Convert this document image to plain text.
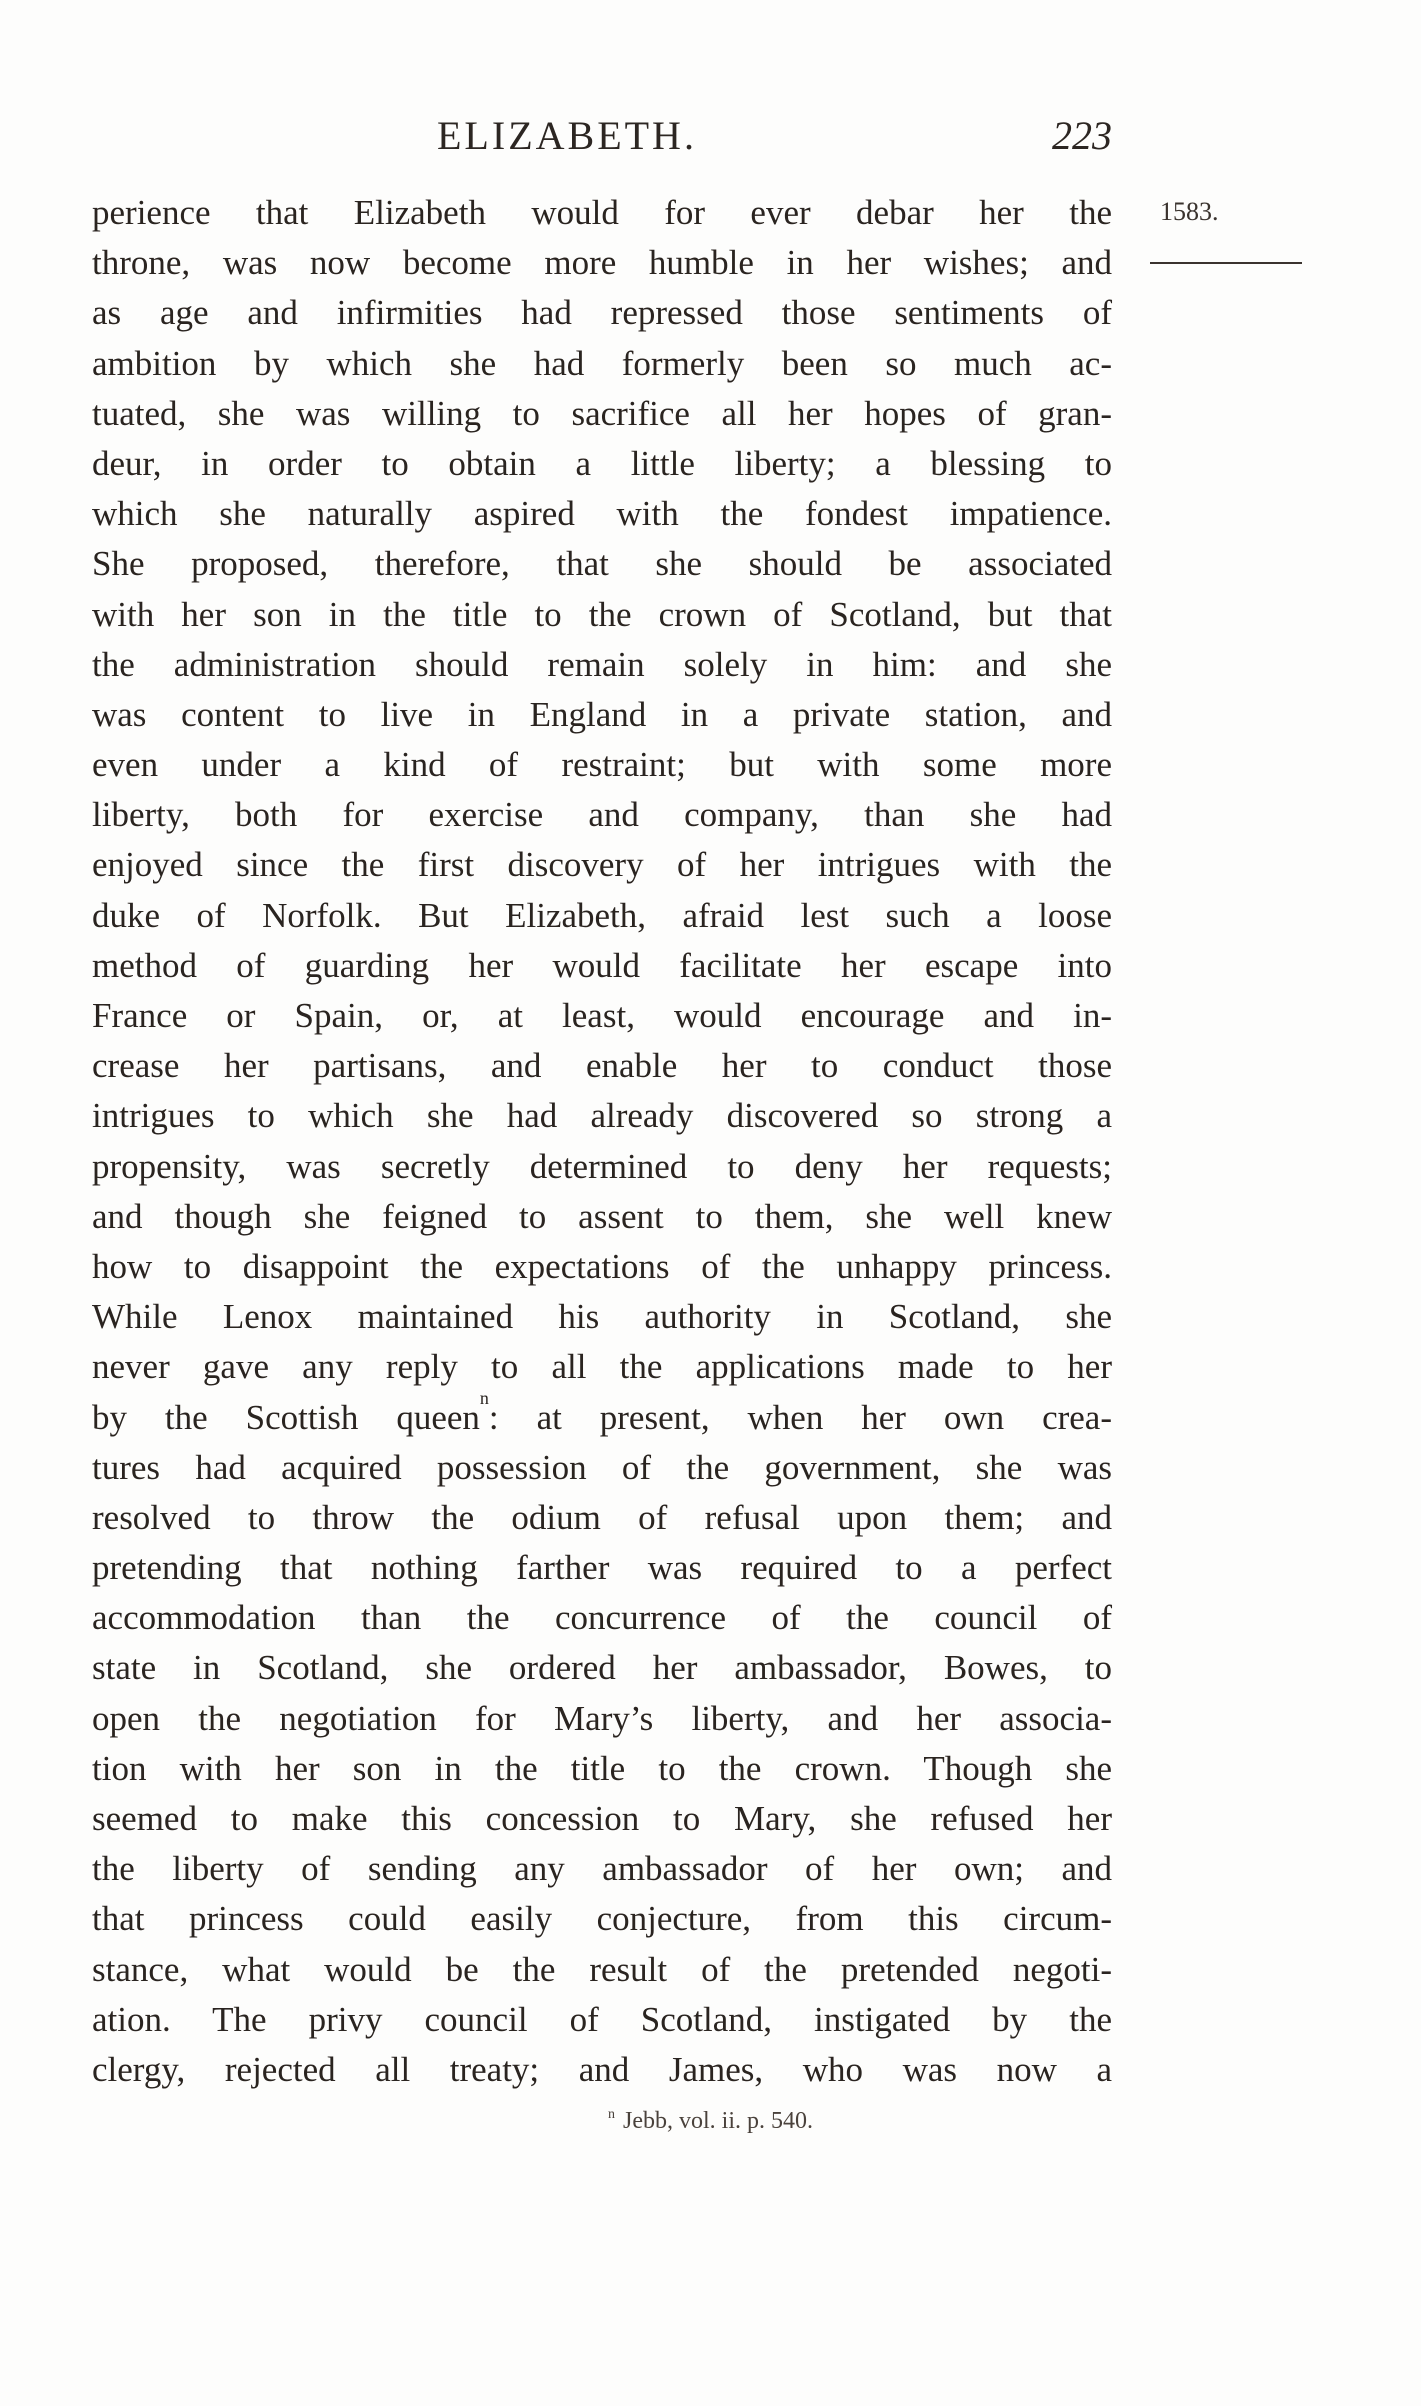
ELIZABETH.	223
1583.
perience that Elizabeth would for ever debar her the
throne, was now become more humble in her wishes; and
as age and infirmities had repressed those sentiments of
ambition by which she had formerly been so much ac-
tuated, she was willing to sacrifice all her hopes of gran-
deur, in order to obtain a little liberty; a blessing to
which she naturally aspired with the fondest impatience.
She proposed, therefore, that she should be associated
with her son in the title to the crown of Scotland, but that
the administration should remain solely in him: and she
was content to live in England in a private station, and
even under a kind of restraint; but with some more
liberty, both for exercise and company, than she had
enjoyed since the first discovery of her intrigues with the
duke of Norfolk. But Elizabeth, afraid lest such a loose
method of guarding her would facilitate her escape into
France or Spain, or, at least, would encourage and in-
crease her partisans, and enable her to conduct those
intrigues to which she had already discovered so strong a
propensity, was secretly determined to deny her requests;
and though she feigned to assent to them, she well knew
how to disappoint the expectations of the unhappy princess.
While Lenox maintained his authority in Scotland, she
never gave any reply to all the applications made to her
by the Scottish queen$^n$: at present, when her own crea-
tures had acquired possession of the government, she was
resolved to throw the odium of refusal upon them; and
pretending that nothing farther was required to a perfect
accommodation than the concurrence of the council of
state in Scotland, she ordered her ambassador, Bowes, to
open the negotiation for Mary’s liberty, and her associa-
tion with her son in the title to the crown. Though she
seemed to make this concession to Mary, she refused her
the liberty of sending any ambassador of her own; and
that princess could easily conjecture, from this circum-
stance, what would be the result of the pretended negoti-
ation. The privy council of Scotland, instigated by the
clergy, rejected all treaty; and James, who was now a
$^n$ Jebb, vol. ii. p. 540.
